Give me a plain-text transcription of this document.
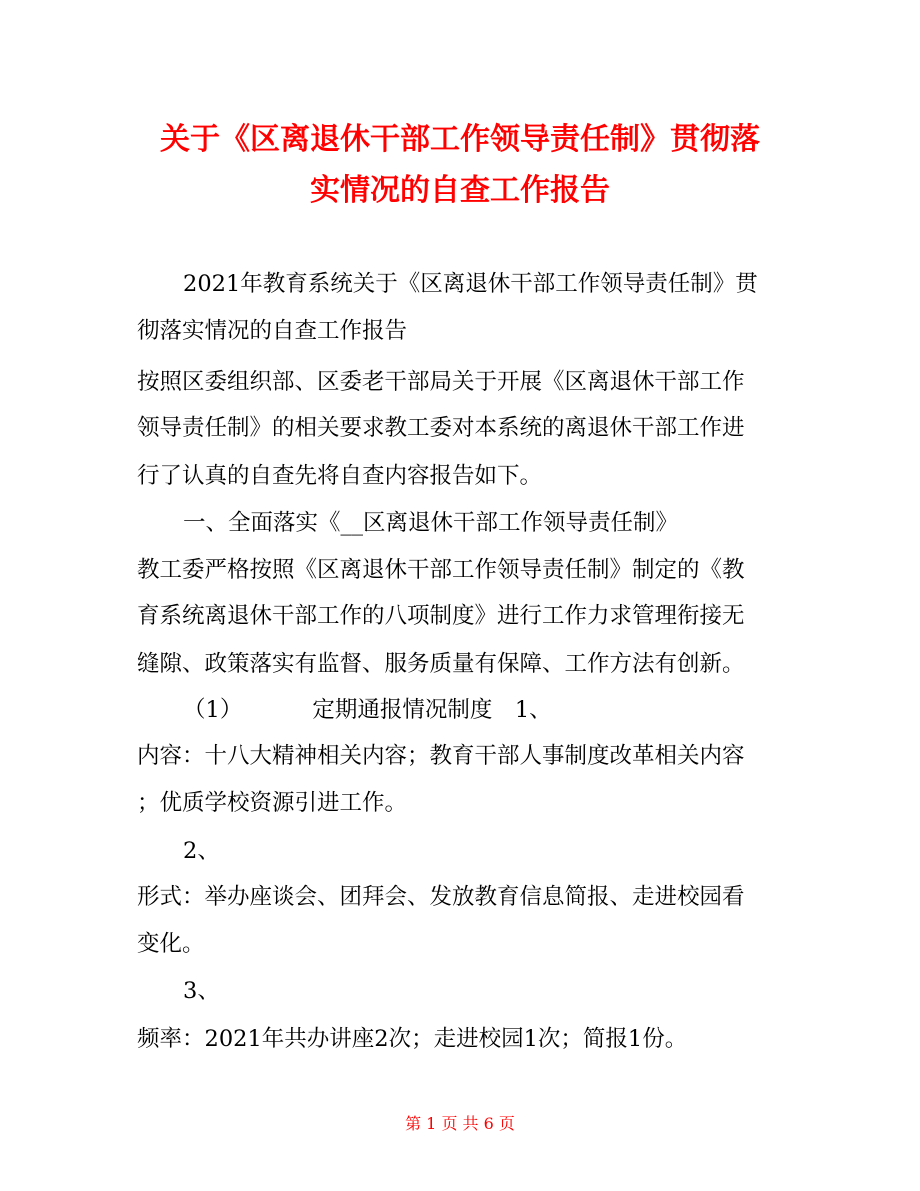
关于《区离退休干部工作领导责任制》贯彻落
实情况的自查工作报告
2021年教育系统关于《区离退休干部工作领导责任制》贯
彻落实情况的自查工作报告
按照区委组织部、区委老干部局关于开展《区离退休干部工作
领导责任制》的相关要求教工委对本系统的离退休干部工作进
行了认真的自查先将自查内容报告如下。
一、全面落实《__区离退休干部工作领导责任制》
教工委严格按照《区离退休干部工作领导责任制》制定的《教
育系统离退休干部工作的八项制度》进行工作力求管理衔接无
缝隙、政策落实有监督、服务质量有保障、工作方法有创新。
（1）	定期通报情况制度　1、
内容：十八大精神相关内容；教育干部人事制度改革相关内容
；优质学校资源引进工作。
2、
形式：举办座谈会、团拜会、发放教育信息简报、走进校园看
变化。
3、
频率：2021年共办讲座2次；走进校园1次；简报1份。
第 1 页 共 6 页
